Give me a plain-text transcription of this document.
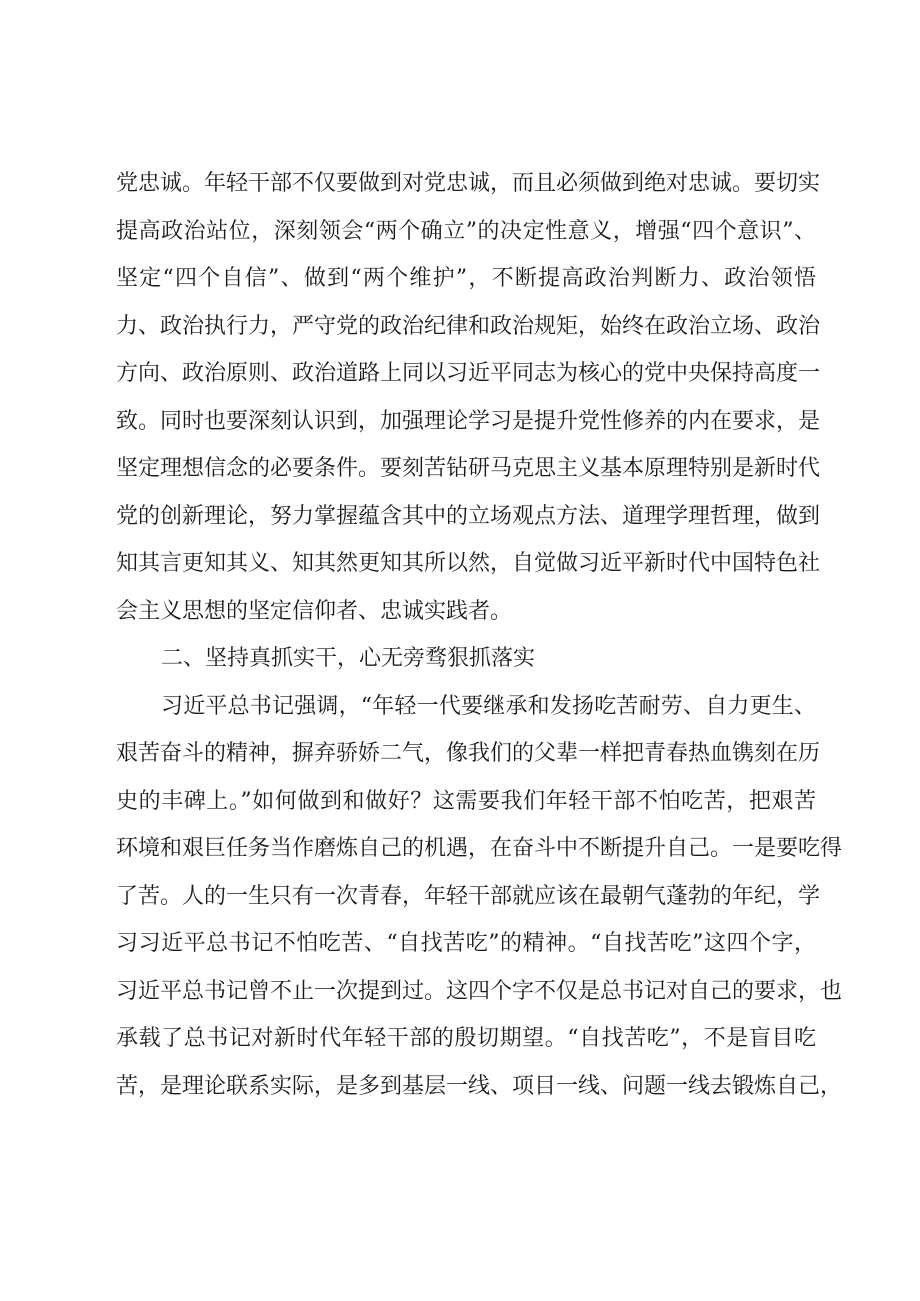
党忠诚。年轻干部不仅要做到对党忠诚，而且必须做到绝对忠诚。要切实
提高政治站位，深刻领会“两个确立”的决定性意义，增强“四个意识”、
坚定“四个自信”、做到“两个维护”，不断提高政治判断力、政治领悟
力、政治执行力，严守党的政治纪律和政治规矩，始终在政治立场、政治
方向、政治原则、政治道路上同以习近平同志为核心的党中央保持高度一
致。同时也要深刻认识到，加强理论学习是提升党性修养的内在要求，是
坚定理想信念的必要条件。要刻苦钻研马克思主义基本原理特别是新时代
党的创新理论，努力掌握蕴含其中的立场观点方法、道理学理哲理，做到
知其言更知其义、知其然更知其所以然，自觉做习近平新时代中国特色社
会主义思想的坚定信仰者、忠诚实践者。
二、坚持真抓实干，心无旁骛狠抓落实
习近平总书记强调，“年轻一代要继承和发扬吃苦耐劳、自力更生、
艰苦奋斗的精神，摒弃骄娇二气，像我们的父辈一样把青春热血镌刻在历
史的丰碑上。”如何做到和做好？这需要我们年轻干部不怕吃苦，把艰苦
环境和艰巨任务当作磨炼自己的机遇，在奋斗中不断提升自己。一是要吃得
了苦。人的一生只有一次青春，年轻干部就应该在最朝气蓬勃的年纪，学
习习近平总书记不怕吃苦、“自找苦吃”的精神。“自找苦吃”这四个字，
习近平总书记曾不止一次提到过。这四个字不仅是总书记对自己的要求，也
承载了总书记对新时代年轻干部的殷切期望。“自找苦吃”，不是盲目吃
苦，是理论联系实际，是多到基层一线、项目一线、问题一线去锻炼自己，
